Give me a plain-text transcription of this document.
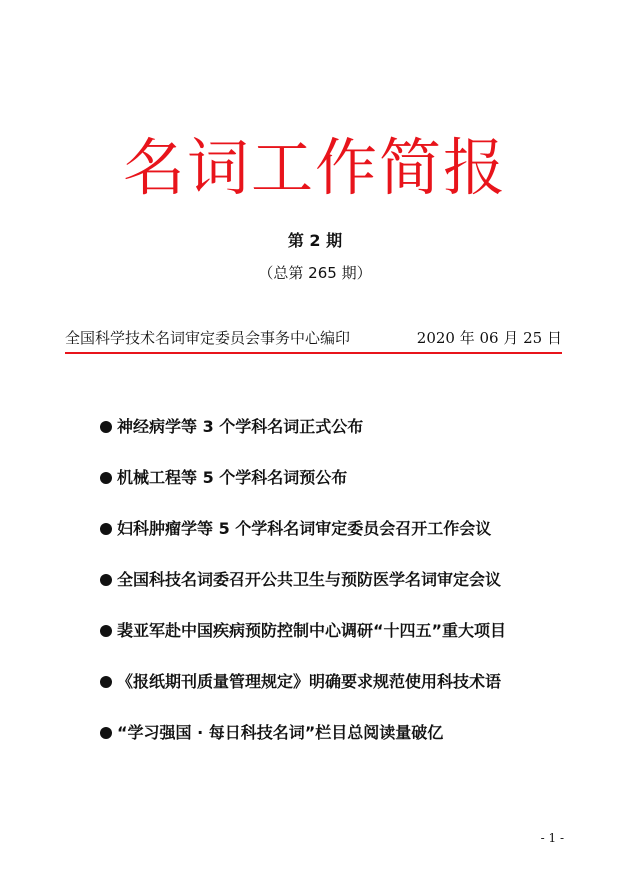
名词工作简报
第 2 期
（总第 265 期）
全国科学技术名词审定委员会事务中心编印	2020 年 06 月 25 日
神经病学等 3 个学科名词正式公布
机械工程等 5 个学科名词预公布
妇科肿瘤学等 5 个学科名词审定委员会召开工作会议
全国科技名词委召开公共卫生与预防医学名词审定会议
裴亚军赴中国疾病预防控制中心调研“十四五”重大项目
《报纸期刊质量管理规定》明确要求规范使用科技术语
“学习强国 · 每日科技名词”栏目总阅读量破亿
- 1 -
